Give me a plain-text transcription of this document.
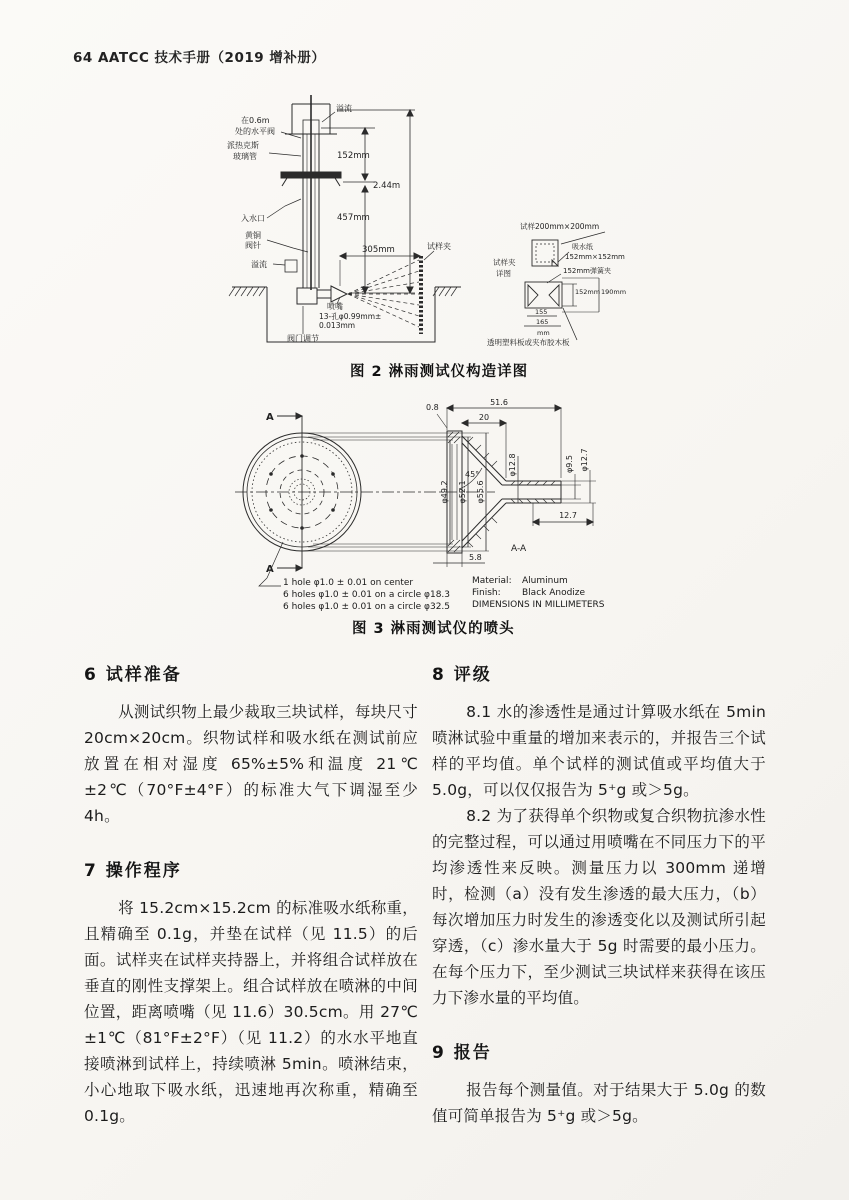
64 AATCC 技术手册（2019 增补册）
溢流
在0.6m
处的水平阀
派热克斯
玻璃管
入水口
黄铜
阀针
溢流
152mm
2.44m
457mm
305mm	试样夹
喷嘴
13-孔φ0.99mm±
0.013mm
阀门调节
试样200mm×200mm
吸水纸
152mm×152mm
试样夹
详图	152mm弹簧夹
152mm 190mm
155
165
mm
透明塑料板或夹布胶木板
图 2 淋雨测试仪构造详图
A
A
φ49.2 φ52.1 φ55.6
51.6
20
0.8
45°	φ12.8	φ9.5 φ12.7
12.7
5.8
A-A
1 hole φ1.0 ± 0.01 on center
6 holes φ1.0 ± 0.01 on a circle φ18.3
6 holes φ1.0 ± 0.01 on a circle φ32.5
Material:	Aluminum
Finish:	Black Anodize
DIMENSIONS IN MILLIMETERS
图 3 淋雨测试仪的喷头
6 试样准备

从测试织物上最少裁取三块试样，每块尺寸20cm×20cm。织物试样和吸水纸在测试前应放置在相对湿度 65%±5%和温度 21℃±2℃（70°F±4°F）的标准大气下调湿至少 4h。

7 操作程序

将 15.2cm×15.2cm 的标准吸水纸称重，且精确至 0.1g，并垫在试样（见 11.5）的后面。试样夹在试样夹持器上，并将组合试样放在垂直的刚性支撑架上。组合试样放在喷淋的中间位置，距离喷嘴（见 11.6）30.5cm。用 27℃±1℃（81°F±2°F）（见 11.2）的水水平地直接喷淋到试样上，持续喷淋 5min。喷淋结束，小心地取下吸水纸，迅速地再次称重，精确至 0.1g。

8 评级

8.1 水的渗透性是通过计算吸水纸在 5min 喷淋试验中重量的增加来表示的，并报告三个试样的平均值。单个试样的测试值或平均值大于 5.0g，可以仅仅报告为 5⁺g 或＞5g。

8.2 为了获得单个织物或复合织物抗渗水性的完整过程，可以通过用喷嘴在不同压力下的平均渗透性来反映。测量压力以 300mm 递增时，检测（a）没有发生渗透的最大压力，（b）每次增加压力时发生的渗透变化以及测试所引起穿透，（c）渗水量大于 5g 时需要的最小压力。在每个压力下，至少测试三块试样来获得在该压力下渗水量的平均值。

9 报告

报告每个测量值。对于结果大于 5.0g 的数值可简单报告为 5⁺g 或＞5g。
